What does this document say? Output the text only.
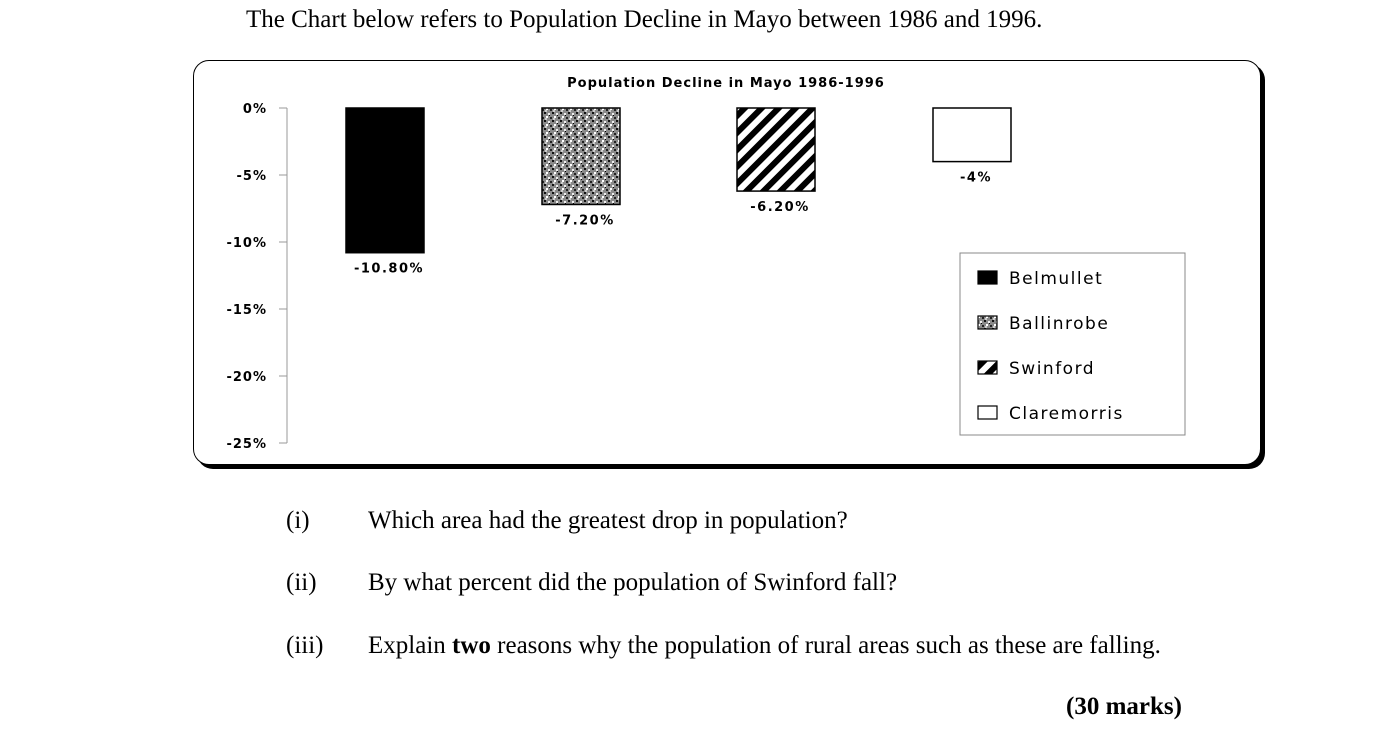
The Chart below refers to Population Decline in Mayo between 1986 and 1996.
Population Decline in Mayo 1986-1996
0%
-5%
-10%
-15%
-20%
-25%
-10.80%
-7.20%
-6.20%
-4%
Belmullet
Ballinrobe
Swinford
Claremorris
(i) Which area had the greatest drop in population?
(ii) By what percent did the population of Swinford fall?
(iii) Explain two reasons why the population of rural areas such as these are falling.
(30 marks)
